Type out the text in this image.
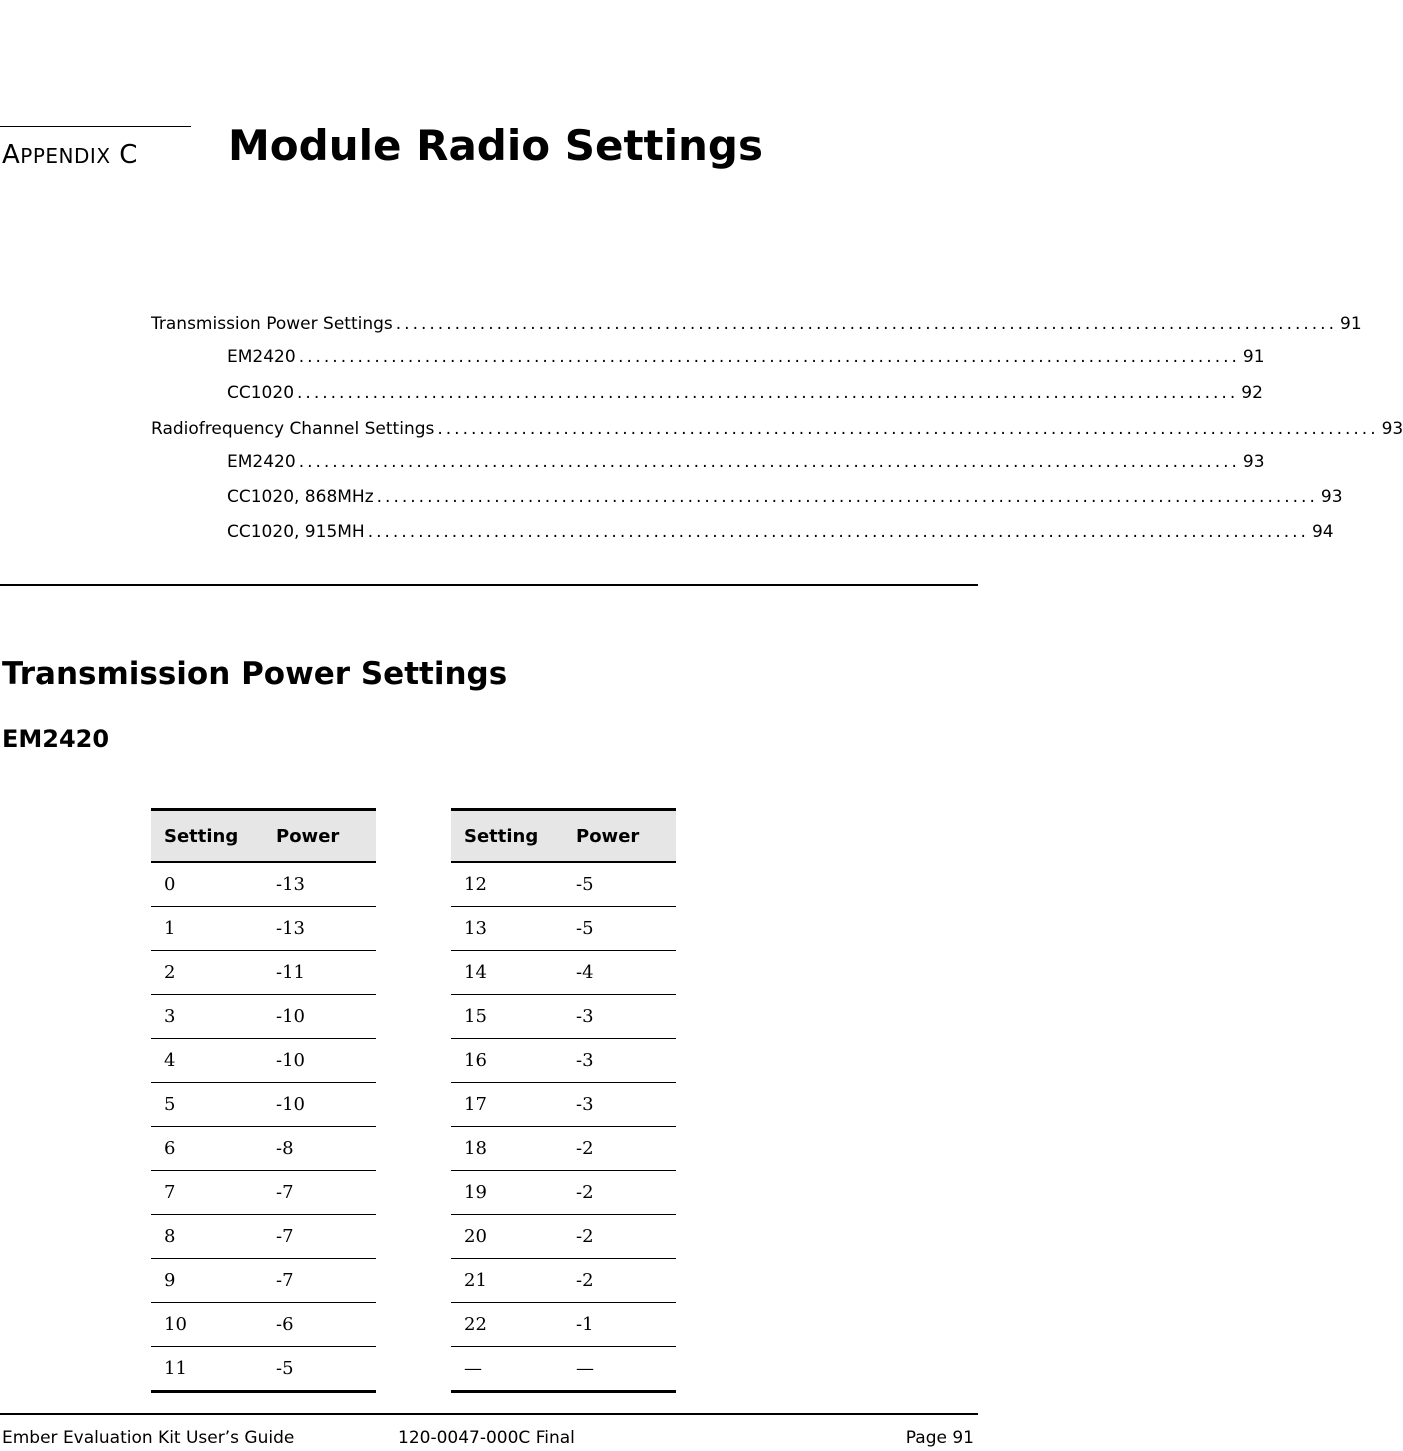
APPENDIX C Module Radio Settings
Transmission Power Settings ................................................................................................................ 91
EM2420 ................................................................................................................ 91
CC1020 ................................................................................................................ 92
Radiofrequency Channel Settings ................................................................................................................ 93
EM2420 ................................................................................................................ 93
CC1020, 868MHz ................................................................................................................ 93
CC1020, 915MH ................................................................................................................ 94
Transmission Power Settings
EM2420
Setting	Power
0	-13
1	-13
2	-11
3	-10
4	-10
5	-10
6	-8
7	-7
8	-7
9	-7
10	-6
11	-5
Setting	Power
12	-5
13	-5
14	-4
15	-3
16	-3
17	-3
18	-2
19	-2
20	-2
21	-2
22	-1
—	—
Ember Evaluation Kit User’s Guide	120-0047-000C Final	Page 91
